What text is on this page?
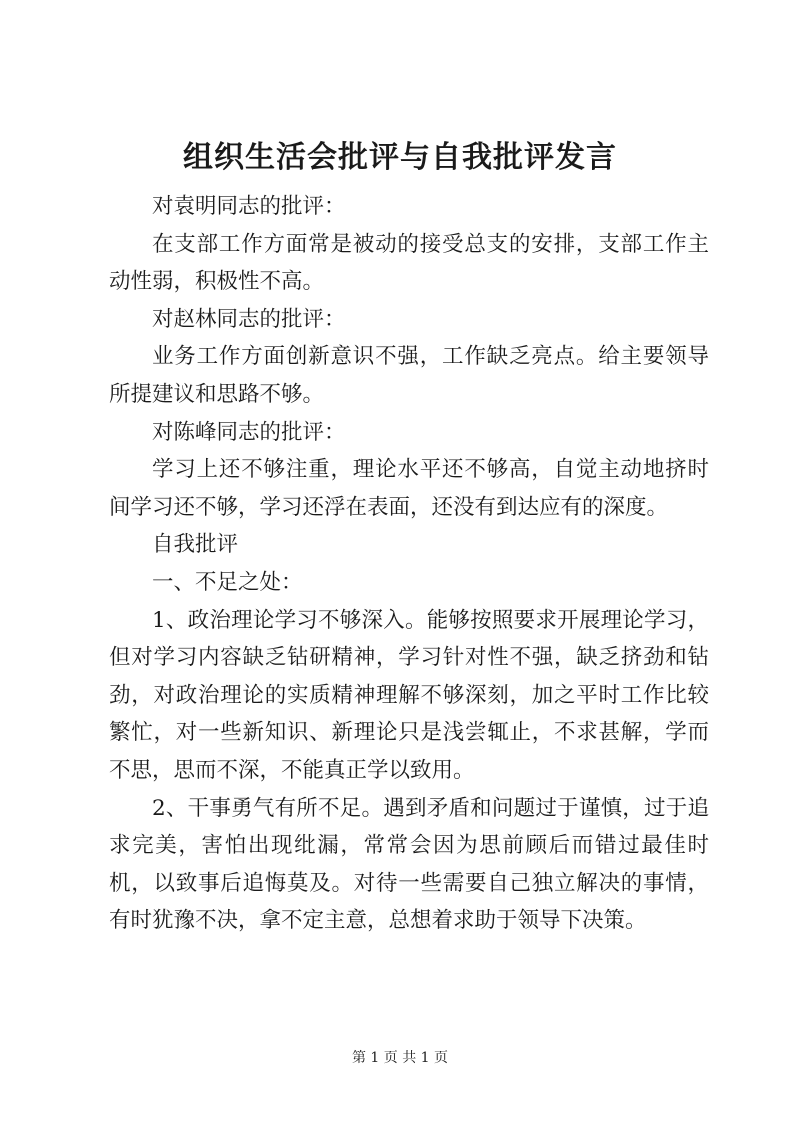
组织生活会批评与自我批评发言

对袁明同志的批评：

在支部工作方面常是被动的接受总支的安排，支部工作主动性弱，积极性不高。

对赵林同志的批评：

业务工作方面创新意识不强，工作缺乏亮点。给主要领导所提建议和思路不够。

对陈峰同志的批评：

学习上还不够注重，理论水平还不够高，自觉主动地挤时间学习还不够，学习还浮在表面，还没有到达应有的深度。

自我批评

一、不足之处：

1、政治理论学习不够深入。能够按照要求开展理论学习，但对学习内容缺乏钻研精神，学习针对性不强，缺乏挤劲和钻劲，对政治理论的实质精神理解不够深刻，加之平时工作比较繁忙，对一些新知识、新理论只是浅尝辄止，不求甚解，学而不思，思而不深，不能真正学以致用。

2、干事勇气有所不足。遇到矛盾和问题过于谨慎，过于追求完美，害怕出现纰漏，常常会因为思前顾后而错过最佳时机，以致事后追悔莫及。对待一些需要自己独立解决的事情，有时犹豫不决，拿不定主意，总想着求助于领导下决策。

第 1 页 共 1 页
